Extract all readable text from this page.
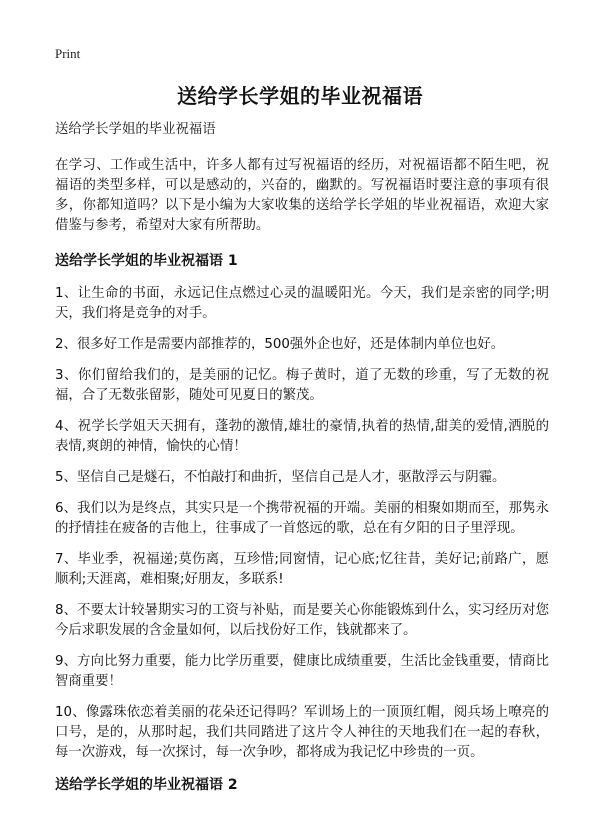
Print
送给学长学姐的毕业祝福语
送给学长学姐的毕业祝福语
在学习、工作或生活中，许多人都有过写祝福语的经历，对祝福语都不陌生吧，祝福语的类型多样，可以是感动的，兴奋的，幽默的。写祝福语时要注意的事项有很多，你都知道吗？以下是小编为大家收集的送给学长学姐的毕业祝福语，欢迎大家借鉴与参考，希望对大家有所帮助。
送给学长学姐的毕业祝福语 1
1、让生命的书面，永远记住点燃过心灵的温暖阳光。今天，我们是亲密的同学;明天，我们将是竞争的对手。
2、很多好工作是需要内部推荐的，500强外企也好，还是体制内单位也好。
3、你们留给我们的，是美丽的记忆。梅子黄时，道了无数的珍重，写了无数的祝福，合了无数张留影，随处可见夏日的繁茂。
4、祝学长学姐天天拥有，蓬勃的激情,雄壮的豪情,执着的热情,甜美的爱情,洒脱的表情,爽朗的神情，愉快的心情！
5、坚信自己是燧石，不怕敲打和曲折，坚信自己是人才，驱散浮云与阴霾。
6、我们以为是终点，其实只是一个携带祝福的开端。美丽的相聚如期而至，那隽永的抒情挂在疲备的吉他上，往事成了一首悠远的歌，总在有夕阳的日子里浮现。
7、毕业季，祝福递;莫伤离，互珍惜;同窗情，记心底;忆往昔，美好记;前路广，愿顺利;天涯离，难相聚;好朋友，多联系!
8、不要太计较暑期实习的工资与补贴，而是要关心你能锻炼到什么，实习经历对您今后求职发展的含金量如何，以后找份好工作，钱就都来了。
9、方向比努力重要，能力比学历重要，健康比成绩重要，生活比金钱重要，情商比智商重要！
10、像露珠依恋着美丽的花朵还记得吗？军训场上的一顶顶红帽，阅兵场上嘹亮的口号，是的，从那时起，我们共同踏进了这片令人神往的天地我们在一起的春秋，每一次游戏，每一次探讨，每一次争吵，都将成为我记忆中珍贵的一页。
送给学长学姐的毕业祝福语 2
